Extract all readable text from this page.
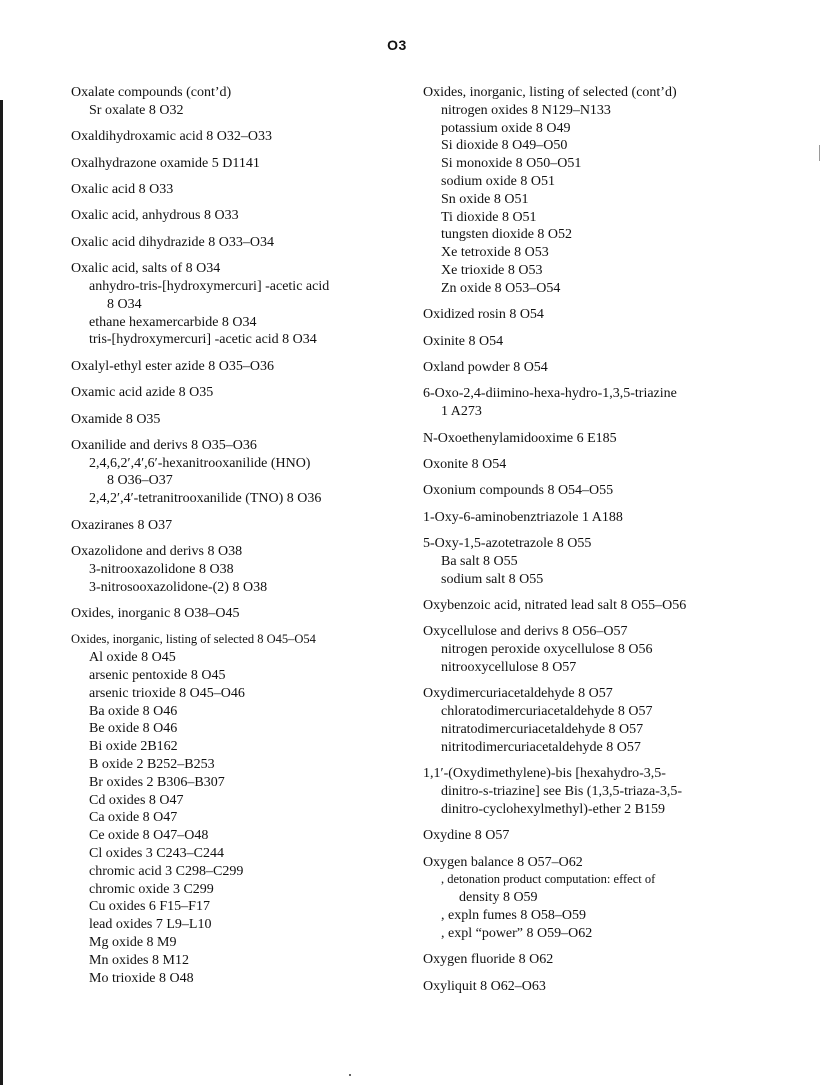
O3
Oxalate compounds (cont’d)
Sr oxalate 8 O32
Oxaldihydroxamic acid 8 O32–O33
Oxalhydrazone oxamide 5 D1141
Oxalic acid 8 O33
Oxalic acid, anhydrous 8 O33
Oxalic acid dihydrazide 8 O33–O34
Oxalic acid, salts of 8 O34
anhydro-tris-[hydroxymercuri] -acetic acid
8 O34
ethane hexamercarbide 8 O34
tris-[hydroxymercuri] -acetic acid 8 O34
Oxalyl-ethyl ester azide 8 O35–O36
Oxamic acid azide 8 O35
Oxamide 8 O35
Oxanilide and derivs 8 O35–O36
2,4,6,2′,4′,6′-hexanitrooxanilide (HNO)
8 O36–O37
2,4,2′,4′-tetranitrooxanilide (TNO) 8 O36
Oxaziranes 8 O37
Oxazolidone and derivs 8 O38
3-nitrooxazolidone 8 O38
3-nitrosooxazolidone-(2) 8 O38
Oxides, inorganic 8 O38–O45
Oxides, inorganic, listing of selected 8 O45–O54
Al oxide 8 O45
arsenic pentoxide 8 O45
arsenic trioxide 8 O45–O46
Ba oxide 8 O46
Be oxide 8 O46
Bi oxide 2B162
B oxide 2 B252–B253
Br oxides 2 B306–B307
Cd oxides 8 O47
Ca oxide 8 O47
Ce oxide 8 O47–O48
Cl oxides 3 C243–C244
chromic acid 3 C298–C299
chromic oxide 3 C299
Cu oxides 6 F15–F17
lead oxides 7 L9–L10
Mg oxide 8 M9
Mn oxides 8 M12
Mo trioxide 8 O48
Oxides, inorganic, listing of selected (cont’d)
nitrogen oxides 8 N129–N133
potassium oxide 8 O49
Si dioxide 8 O49–O50
Si monoxide 8 O50–O51
sodium oxide 8 O51
Sn oxide 8 O51
Ti dioxide 8 O51
tungsten dioxide 8 O52
Xe tetroxide 8 O53
Xe trioxide 8 O53
Zn oxide 8 O53–O54
Oxidized rosin 8 O54
Oxinite 8 O54
Oxland powder 8 O54
6-Oxo-2,4-diimino-hexa-hydro-1,3,5-triazine
1 A273
N-Oxoethenylamidooxime 6 E185
Oxonite 8 O54
Oxonium compounds 8 O54–O55
1-Oxy-6-aminobenztriazole 1 A188
5-Oxy-1,5-azotetrazole 8 O55
Ba salt 8 O55
sodium salt 8 O55
Oxybenzoic acid, nitrated lead salt 8 O55–O56
Oxycellulose and derivs 8 O56–O57
nitrogen peroxide oxycellulose 8 O56
nitrooxycellulose 8 O57
Oxydimercuriacetaldehyde 8 O57
chloratodimercuriacetaldehyde 8 O57
nitratodimercuriacetaldehyde 8 O57
nitritodimercuriacetaldehyde 8 O57
1,1′-(Oxydimethylene)-bis [hexahydro-3,5-
dinitro-s-triazine] see Bis (1,3,5-triaza-3,5-
dinitro-cyclohexylmethyl)-ether 2 B159
Oxydine 8 O57
Oxygen balance 8 O57–O62
, detonation product computation: effect of
density 8 O59
, expln fumes 8 O58–O59
, expl “power” 8 O59–O62
Oxygen fluoride 8 O62
Oxyliquit 8 O62–O63
